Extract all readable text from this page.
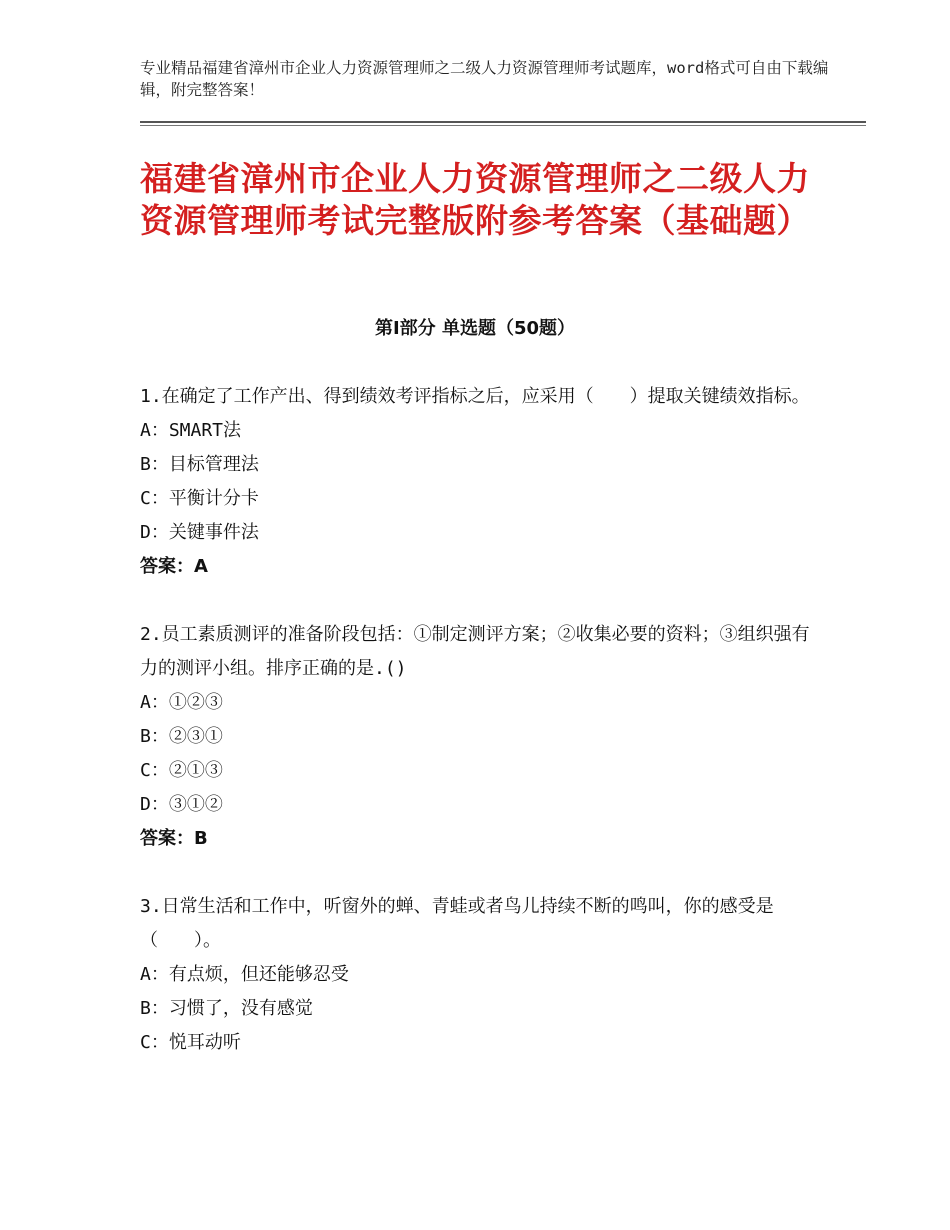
专业精品福建省漳州市企业人力资源管理师之二级人力资源管理师考试题库，word格式可自由下载编辑，附完整答案！
福建省漳州市企业人力资源管理师之二级人力资源管理师考试完整版附参考答案（基础题）
第Ⅰ部分 单选题（50题）

1.在确定了工作产出、得到绩效考评指标之后，应采用（　　）提取关键绩效指标。

A：SMART法

B：目标管理法

C：平衡计分卡

D：关键事件法

答案：A

2.员工素质测评的准备阶段包括：①制定测评方案；②收集必要的资料；③组织强有力的测评小组。排序正确的是.()

A：①②③

B：②③①

C：②①③

D：③①②

答案：B

3.日常生活和工作中，听窗外的蝉、青蛙或者鸟儿持续不断的鸣叫，你的感受是（　　）。

A：有点烦，但还能够忍受

B：习惯了，没有感觉

C：悦耳动听
